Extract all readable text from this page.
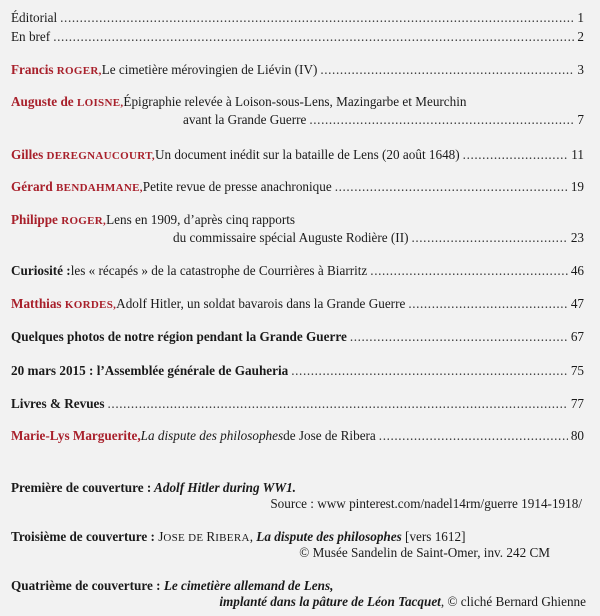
Éditorial .....	1
En bref .....	2
Francis ROGER, Le cimetière mérovingien de Liévin (IV) .....	3
Auguste de LOISNE, Épigraphie relevée à Loison-sous-Lens, Mazingarbe et Meurchin
avant la Grande Guerre .....	7
Gilles DEREGNAUCOURT, Un document inédit sur la bataille de Lens (20 août 1648) .....	11
Gérard BENDAHMANE, Petite revue de presse anachronique .....	19
Philippe ROGER, Lens en 1909, d’après cinq rapports
du commissaire spécial Auguste Rodière (II) .....	23
Curiosité : les « récapés » de la catastrophe de Courrières à Biarritz .....	46
Matthias KORDES, Adolf Hitler, un soldat bavarois dans la Grande Guerre .....	47
Quelques photos de notre région pendant la Grande Guerre .....	67
20 mars 2015 : l’Assemblée générale de Gauheria .....	75
Livres & Revues .....	77
Marie-Lys Marguerite, La dispute des philosophes de Jose de Ribera .....	80
Première de couverture : Adolf Hitler during WW1.
Source : www pinterest.com/nadel14rm/guerre 1914-1918/
Troisième de couverture : JOSE DE RIBERA, La dispute des philosophes [vers 1612]
© Musée Sandelin de Saint-Omer, inv. 242 CM
Quatrième de couverture : Le cimetière allemand de Lens,
implanté dans la pâture de Léon Tacquet, © cliché Bernard Ghienne
